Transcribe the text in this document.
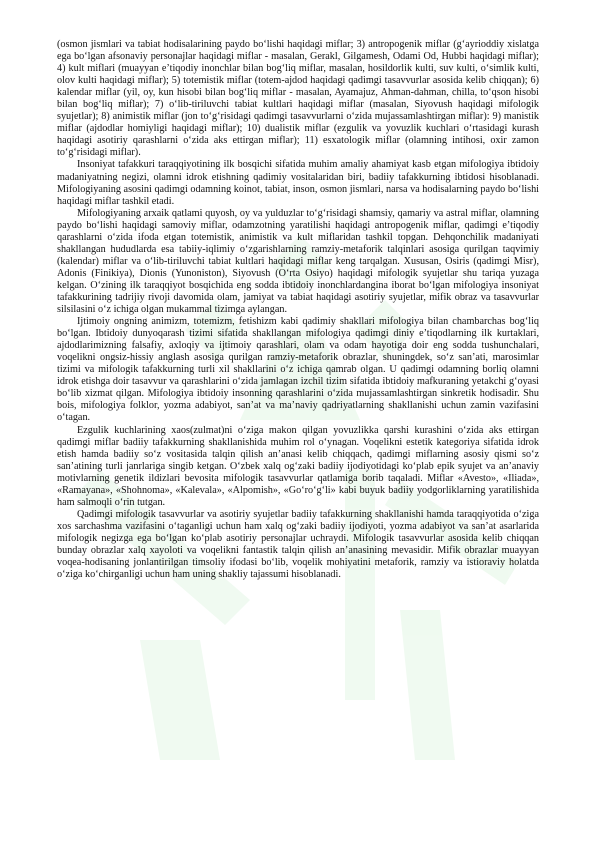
(osmon jismlari va tabiat hodisalarining paydo bo‘lishi haqidagi miflar; 3) antropogenik miflar (g‘ayrioddiy xislatga ega bo‘lgan afsonaviy personajlar haqidagi miflar - masalan, Gerakl, Gilgamesh, Odami Od, Hubbi haqidagi miflar); 4) kult miflari (muayyan e’tiqodiy inonchlar bilan bog‘liq miflar, masalan, hosildorlik kulti, suv kulti, o‘simlik kulti, olov kulti haqidagi miflar); 5) totemistik miflar (totem-ajdod haqidagi qadimgi tasavvurlar asosida kelib chiqqan); 6) kalendar miflar (yil, oy, kun hisobi bilan bog‘liq miflar - masalan, Ayamajuz, Ahman-dahman, chilla, to‘qson hisobi bilan bog‘liq miflar); 7) o‘lib-tiriluvchi tabiat kultlari haqidagi miflar (masalan, Siyovush haqidagi mifologik syujetlar); 8) animistik miflar (jon to‘g‘risidagi qadimgi tasavvurlarni o‘zida mujassamlashtirgan miflar): 9) manistik miflar (ajdodlar homiyligi haqidagi miflar); 10) dualistik miflar (ezgulik va yovuzlik kuchlari o‘rtasidagi kurash haqidagi asotiriy qarashlarni o‘zida aks ettirgan miflar); 11) esxatologik miflar (olamning intihosi, oxir zamon to‘g‘risidagi miflar).

Insoniyat tafakkuri taraqqiyotining ilk bosqichi sifatida muhim amaliy ahamiyat kasb etgan mifologiya ibtidoiy madaniyatning negizi, olamni idrok etishning qadimiy vositalaridan biri, badiiy tafakkurning ibtidosi hisoblanadi. Mifologiyaning asosini qadimgi odamning koinot, tabiat, inson, osmon jismlari, narsa va hodisalarning paydo bo‘lishi haqidagi miflar tashkil etadi.

Mifologiyaning arxaik qatlami quyosh, oy va yulduzlar to‘g‘risidagi shamsiy, qamariy va astral miflar, olamning paydo bo‘lishi haqidagi samoviy miflar, odamzotning yaratilishi haqidagi antropogenik miflar, qadimgi e’tiqodiy qarashlarni o‘zida ifoda etgan totemistik, animistik va kult miflaridan tashkil topgan. Dehqonchilik madaniyati shakllangan hududlarda esa tabiiy-iqlimiy o‘zgarishlarning ramziy-metaforik talqinlari asosiga qurilgan taqvimiy (kalendar) miflar va o‘lib-tiriluvchi tabiat kultlari haqidagi miflar keng tarqalgan. Xususan, Osiris (qadimgi Misr), Adonis (Finikiya), Dionis (Yunoniston), Siyovush (O‘rta Osiyo) haqidagi mifologik syujetlar shu tariqa yuzaga kelgan. O‘zining ilk taraqqiyot bosqichida eng sodda ibtidoiy inonchlardangina iborat bo‘lgan mifologiya insoniyat tafakkurining tadrijiy rivoji davomida olam, jamiyat va tabiat haqidagi asotiriy syujetlar, mifik obraz va tasavvurlar silsilasini o‘z ichiga olgan mukammal tizimga aylangan.

Ijtimoiy ongning animizm, totemizm, fetishizm kabi qadimiy shakllari mifologiya bilan chambarchas bog‘liq bo‘lgan. Ibtidoiy dunyoqarash tizimi sifatida shakllangan mifologiya qadimgi diniy e’tiqodlarning ilk kurtaklari, ajdodlarimizning falsafiy, axloqiy va ijtimoiy qarashlari, olam va odam hayotiga doir eng sodda tushunchalari, voqelikni ongsiz-hissiy anglash asosiga qurilgan ramziy-metaforik obrazlar, shuningdek, so‘z san’ati, marosimlar tizimi va mifologik tafakkurning turli xil shakllarini o‘z ichiga qamrab olgan. U qadimgi odamning borliq olamni idrok etishga doir tasavvur va qarashlarini o‘zida jamlagan izchil tizim sifatida ibtidoiy mafkuraning yetakchi g‘oyasi bo‘lib xizmat qilgan. Mifologiya ibtidoiy insonning qarashlarini o‘zida mujassamlashtirgan sinkretik hodisadir. Shu bois, mifologiya folklor, yozma adabiyot, san’at va ma’naviy qadriyatlarning shakllanishi uchun zamin vazifasini o‘tagan.

Ezgulik kuchlarining xaos(zulmat)ni o‘ziga makon qilgan yovuzlikka qarshi kurashini o‘zida aks ettirgan qadimgi miflar badiiy tafakkurning shakllanishida muhim rol o‘ynagan. Voqelikni estetik kategoriya sifatida idrok etish hamda badiiy so‘z vositasida talqin qilish an’anasi kelib chiqqach, qadimgi miflarning asosiy qismi so‘z san’atining turli janrlariga singib ketgan. O‘zbek xalq og‘zaki badiiy ijodiyotidagi ko‘plab epik syujet va an’anaviy motivlarning genetik ildizlari bevosita mifologik tasavvurlar qatlamiga borib taqaladi. Miflar «Avesto», «Iliada», «Ramayana», «Shohnoma», «Kalevala», «Alpomish», «Go‘ro‘g‘li» kabi buyuk badiiy yodgorliklarning yaratilishida ham salmoqli o‘rin tutgan.

Qadimgi mifologik tasavvurlar va asotiriy syujetlar badiiy tafakkurning shakllanishi hamda taraqqiyotida o‘ziga xos sarchashma vazifasini o‘taganligi uchun ham xalq og‘zaki badiiy ijodiyoti, yozma adabiyot va san’at asarlarida mifologik negizga ega bo‘lgan ko‘plab asotiriy personajlar uchraydi. Mifologik tasavvurlar asosida kelib chiqqan bunday obrazlar xalq xayoloti va voqelikni fantastik talqin qilish an’anasining mevasidir. Mifik obrazlar muayyan voqea-hodisaning jonlantirilgan timsoliy ifodasi bo‘lib, voqelik mohiyatini metaforik, ramziy va istioraviy holatda o‘ziga ko‘chirganligi uchun ham uning shakliy tajassumi hisoblanadi.
